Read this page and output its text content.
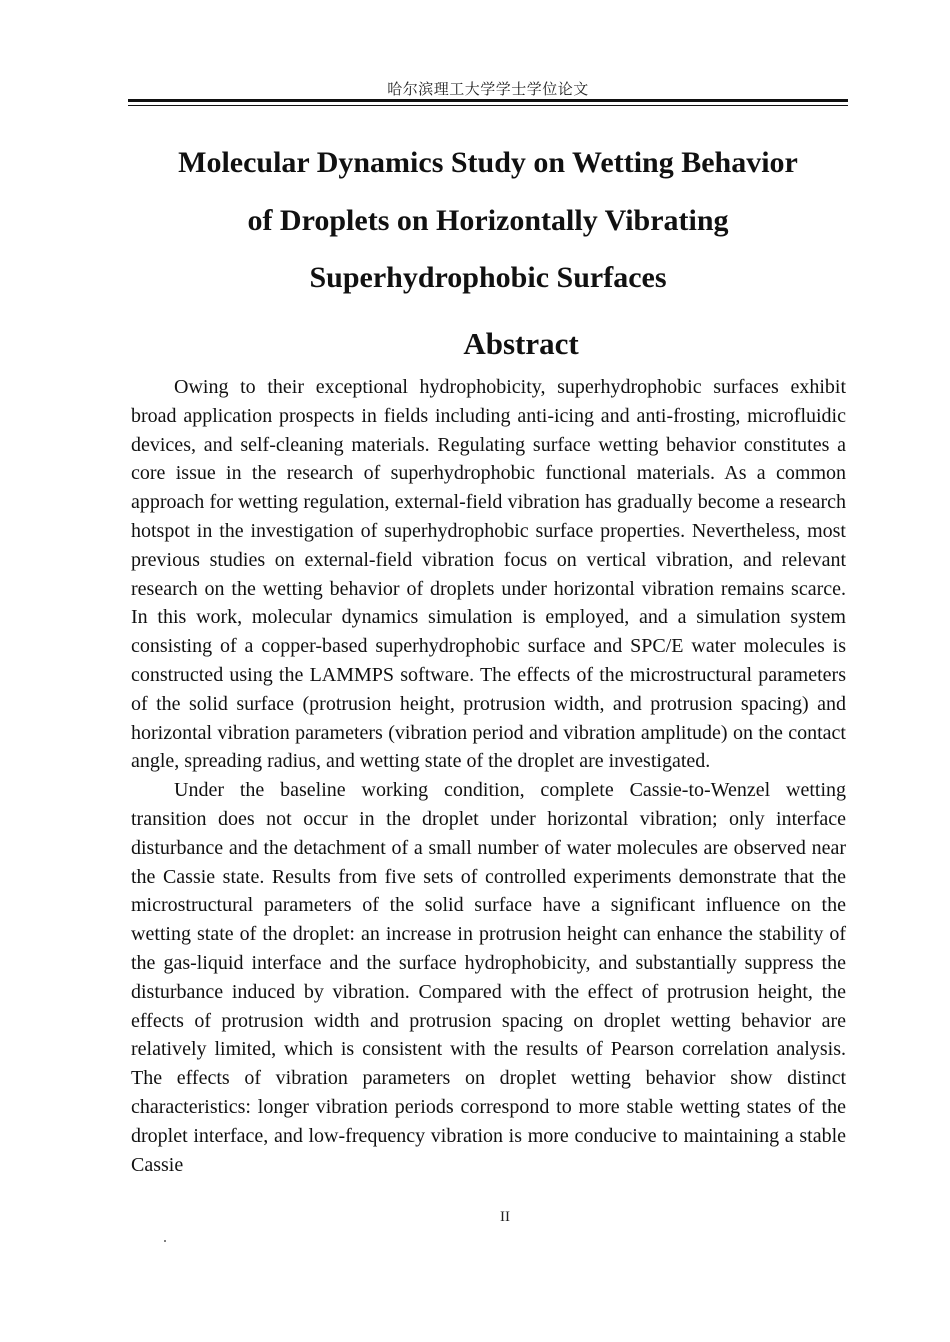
哈尔滨理工大学学士学位论文
Molecular Dynamics Study on Wetting Behavior
of Droplets on Horizontally Vibrating
Superhydrophobic Surfaces
Abstract

Owing to their exceptional hydrophobicity, superhydrophobic surfaces exhibit broad application prospects in fields including anti-icing and anti-frosting, microfluidic devices, and self-cleaning materials. Regulating surface wetting behavior constitutes a core issue in the research of superhydrophobic functional materials. As a common approach for wetting regulation, external-field vibration has gradually become a research hotspot in the investigation of superhydrophobic surface properties. Nevertheless, most previous studies on external-field vibration focus on vertical vibration, and relevant research on the wetting behavior of droplets under horizontal vibration remains scarce. In this work, molecular dynamics simulation is employed, and a simulation system consisting of a copper-based superhydrophobic surface and SPC/E water molecules is constructed using the LAMMPS software. The effects of the microstructural parameters of the solid surface (protrusion height, protrusion width, and protrusion spacing) and horizontal vibration parameters (vibration period and vibration amplitude) on the contact angle, spreading radius, and wetting state of the droplet are investigated.

Under the baseline working condition, complete Cassie-to-Wenzel wetting transition does not occur in the droplet under horizontal vibration; only interface disturbance and the detachment of a small number of water molecules are observed near the Cassie state. Results from five sets of controlled experiments demonstrate that the microstructural parameters of the solid surface have a significant influence on the wetting state of the droplet: an increase in protrusion height can enhance the stability of the gas-liquid interface and the surface hydrophobicity, and substantially suppress the disturbance induced by vibration. Compared with the effect of protrusion height, the effects of protrusion width and protrusion spacing on droplet wetting behavior are relatively limited, which is consistent with the results of Pearson correlation analysis. The effects of vibration parameters on droplet wetting behavior show distinct characteristics: longer vibration periods correspond to more stable wetting states of the droplet interface, and low-frequency vibration is more conducive to maintaining a stable Cassie

II
